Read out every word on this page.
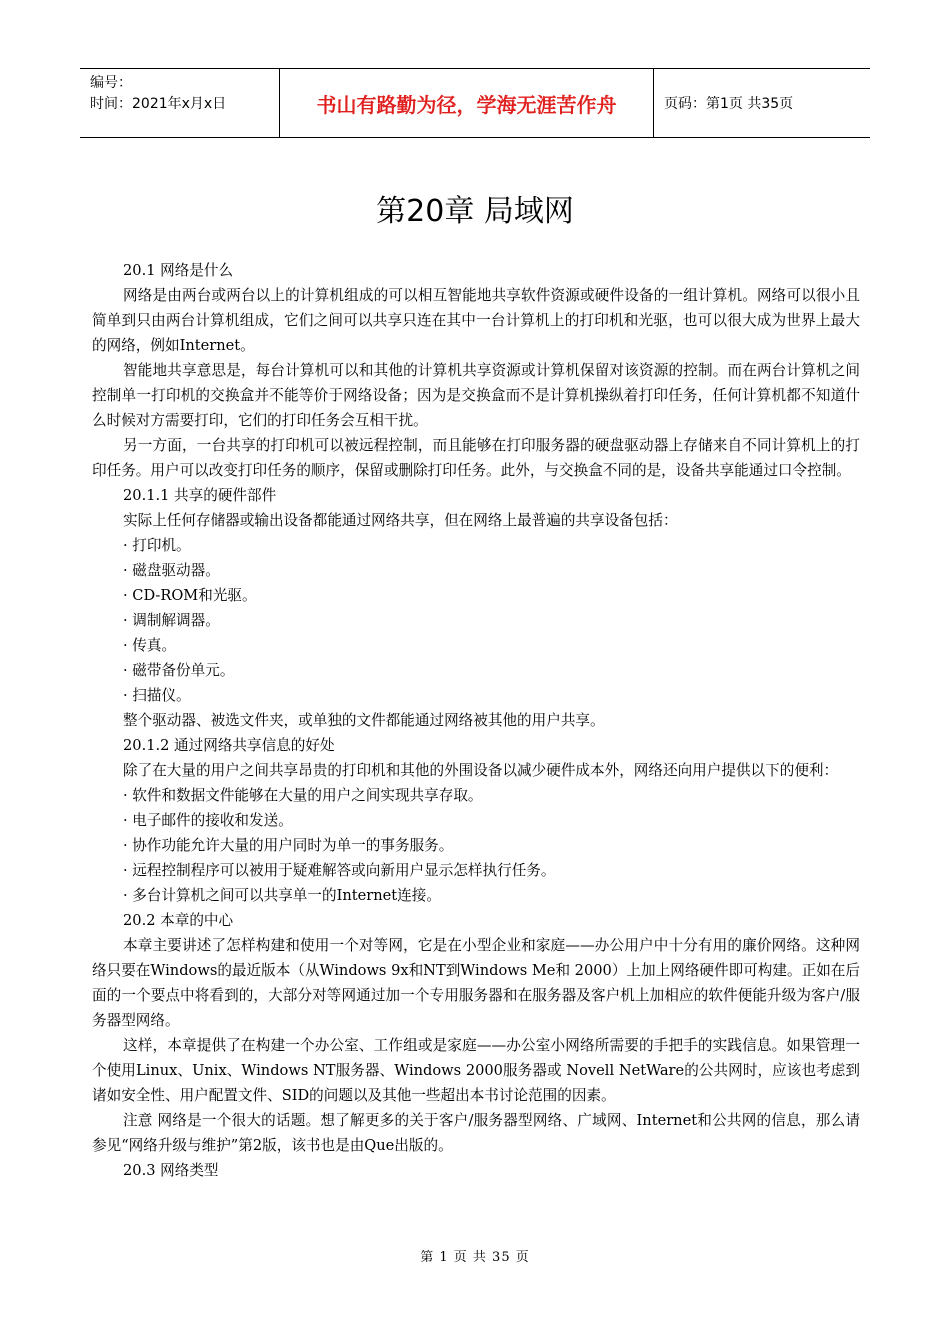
编号：
时间：2021年x月x日	书山有路勤为径，学海无涯苦作舟	页码：第1页 共35页
第20章 局域网

20.1 网络是什么

网络是由两台或两台以上的计算机组成的可以相互智能地共享软件资源或硬件设备的一组计算机。网络可以很小且简单到只由两台计算机组成，它们之间可以共享只连在其中一台计算机上的打印机和光驱，也可以很大成为世界上最大的网络，例如Internet。

智能地共享意思是，每台计算机可以和其他的计算机共享资源或计算机保留对该资源的控制。而在两台计算机之间控制单一打印机的交换盒并不能等价于网络设备；因为是交换盒而不是计算机操纵着打印任务，任何计算机都不知道什么时候对方需要打印，它们的打印任务会互相干扰。

另一方面，一台共享的打印机可以被远程控制，而且能够在打印服务器的硬盘驱动器上存储来自不同计算机上的打印任务。用户可以改变打印任务的顺序，保留或删除打印任务。此外，与交换盒不同的是，设备共享能通过口令控制。

20.1.1 共享的硬件部件

实际上任何存储器或输出设备都能通过网络共享，但在网络上最普遍的共享设备包括：

· 打印机。

· 磁盘驱动器。

· CD-ROM和光驱。

· 调制解调器。

· 传真。

· 磁带备份单元。

· 扫描仪。

整个驱动器、被选文件夹，或单独的文件都能通过网络被其他的用户共享。

20.1.2 通过网络共享信息的好处

除了在大量的用户之间共享昂贵的打印机和其他的外围设备以减少硬件成本外，网络还向用户提供以下的便利：

· 软件和数据文件能够在大量的用户之间实现共享存取。

· 电子邮件的接收和发送。

· 协作功能允许大量的用户同时为单一的事务服务。

· 远程控制程序可以被用于疑难解答或向新用户显示怎样执行任务。

· 多台计算机之间可以共享单一的Internet连接。

20.2 本章的中心

本章主要讲述了怎样构建和使用一个对等网，它是在小型企业和家庭——办公用户中十分有用的廉价网络。这种网络只要在Windows的最近版本（从Windows 9x和NT到Windows Me和 2000）上加上网络硬件即可构建。正如在后面的一个要点中将看到的，大部分对等网通过加一个专用服务器和在服务器及客户机上加相应的软件便能升级为客户/服务器型网络。

这样，本章提供了在构建一个办公室、工作组或是家庭——办公室小网络所需要的手把手的实践信息。如果管理一个使用Linux、Unix、Windows NT服务器、Windows 2000服务器或 Novell NetWare的公共网时，应该也考虑到诸如安全性、用户配置文件、SID的问题以及其他一些超出本书讨论范围的因素。

注意 网络是一个很大的话题。想了解更多的关于客户/服务器型网络、广域网、Internet和公共网的信息，那么请参见“网络升级与维护”第2版，该书也是由Que出版的。

20.3 网络类型

第 1 页 共 35 页
